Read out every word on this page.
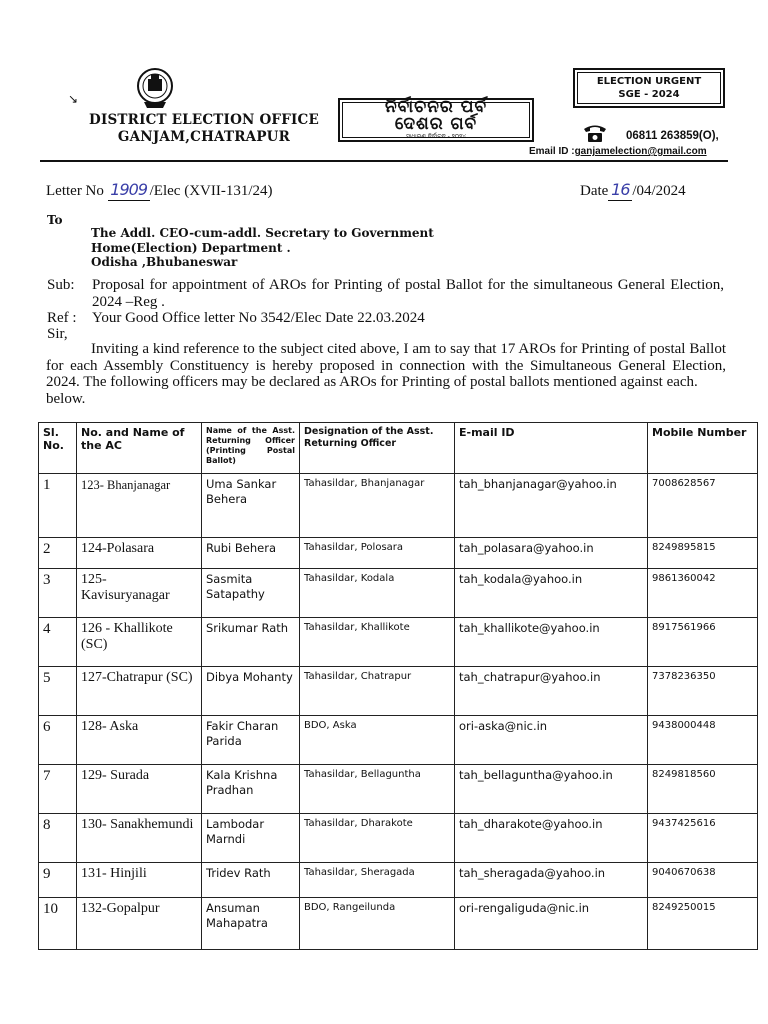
↘
DISTRICT ELECTION OFFICE
GANJAM,CHATRAPUR
ନିର୍ବାଚନର ପର୍ବ
ଦେଶର ଗର୍ବ
ସାଧାରଣ ନିର୍ବାଚନ - ୨୦୨୪
ELECTION URGENT
SGE - 2024
06811 263859(O),
Email ID :ganjamelection@gmail.com
Letter No 1909 /Elec (XVII-131/24)	Date 16 /04/2024
To
The Addl. CEO-cum-addl. Secretary to Government
Home(Election) Department .
Odisha ,Bhubaneswar
Sub: Proposal for appointment of AROs for Printing of postal Ballot for the simultaneous General Election, 2024 –Reg .
Ref : Your Good Office letter No 3542/Elec Date 22.03.2024
Sir,
Inviting a kind reference to the subject cited above, I am to say that 17 AROs for Printing of postal Ballot for each Assembly Constituency is hereby proposed in connection with the Simultaneous General Election, 2024. The following officers may be declared as AROs for Printing of postal ballots mentioned against each.
below.
Sl. No.	No. and Name of the AC	Name of the Asst. Returning Officer (Printing Postal Ballot)	Designation of the Asst. Returning Officer	E-mail ID	Mobile Number
1	123- Bhanjanagar	Uma Sankar Behera	Tahasildar, Bhanjanagar	tah_bhanjanagar@yahoo.in	7008628567
2	124-Polasara	Rubi Behera	Tahasildar, Polosara	tah_polasara@yahoo.in	8249895815
3	125- Kavisuryanagar	Sasmita Satapathy	Tahasildar, Kodala	tah_kodala@yahoo.in	9861360042
4	126 - Khallikote (SC)	Srikumar Rath	Tahasildar, Khallikote	tah_khallikote@yahoo.in	8917561966
5	127-Chatrapur (SC)	Dibya Mohanty	Tahasildar, Chatrapur	tah_chatrapur@yahoo.in	7378236350
6	128- Aska	Fakir Charan Parida	BDO, Aska	ori-aska@nic.in	9438000448
7	129- Surada	Kala Krishna Pradhan	Tahasildar, Bellaguntha	tah_bellaguntha@yahoo.in	8249818560
8	130- Sanakhemundi	Lambodar Marndi	Tahasildar, Dharakote	tah_dharakote@yahoo.in	9437425616
9	131- Hinjili	Tridev Rath	Tahasildar, Sheragada	tah_sheragada@yahoo.in	9040670638
10	132-Gopalpur	Ansuman Mahapatra	BDO, Rangeilunda	ori-rengaliguda@nic.in	8249250015
